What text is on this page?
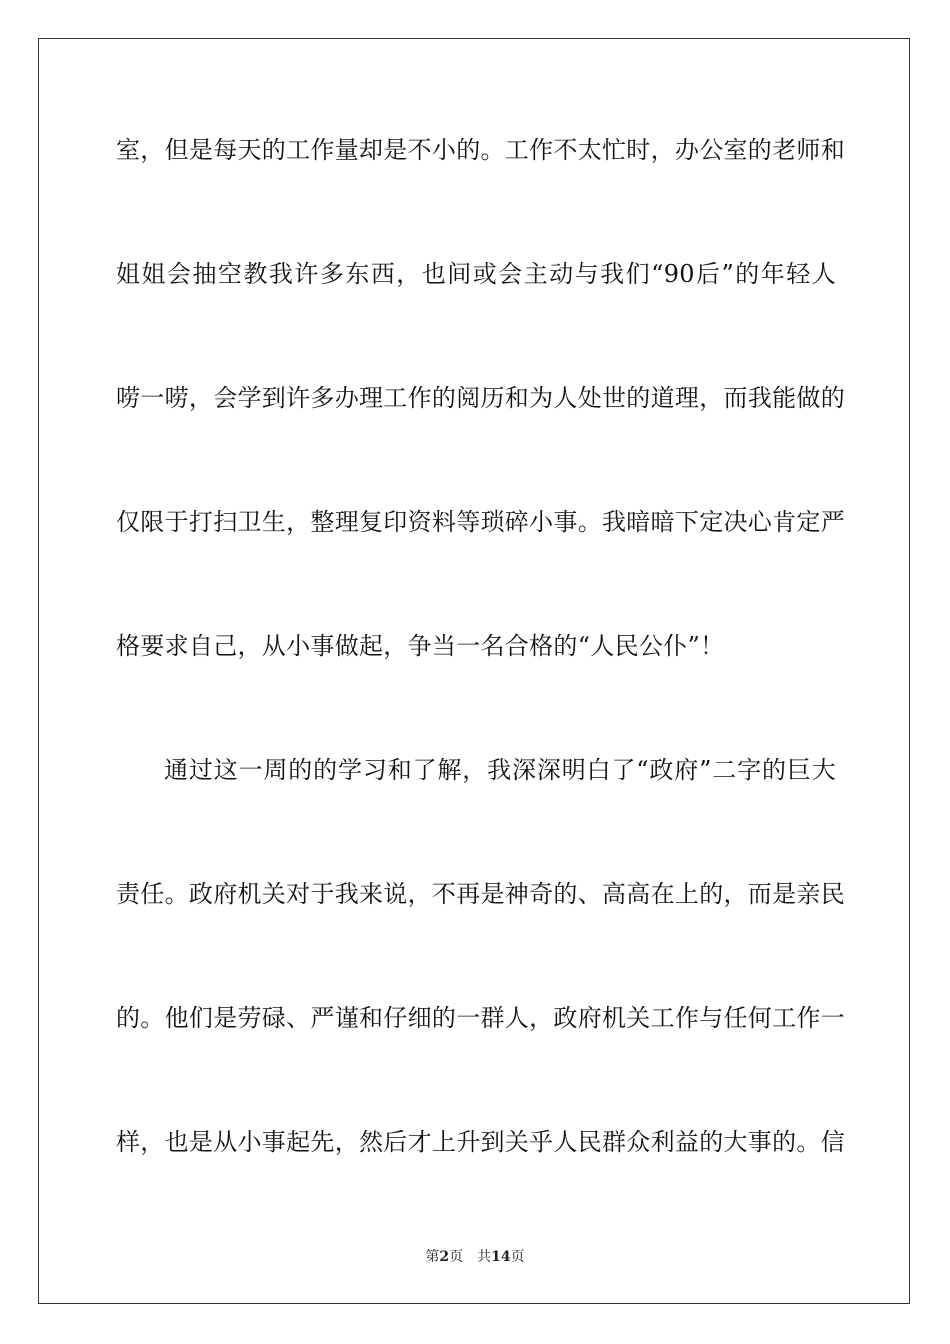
室，但是每天的工作量却是不小的。工作不太忙时，办公室的老师和
姐姐会抽空教我许多东西，也间或会主动与我们“90后”的年轻人
唠一唠，会学到许多办理工作的阅历和为人处世的道理，而我能做的
仅限于打扫卫生，整理复印资料等琐碎小事。我暗暗下定决心肯定严
格要求自己，从小事做起，争当一名合格的“人民公仆”！
通过这一周的的学习和了解，我深深明白了“政府”二字的巨大
责任。政府机关对于我来说，不再是神奇的、高高在上的，而是亲民
的。他们是劳碌、严谨和仔细的一群人，政府机关工作与任何工作一
样，也是从小事起先，然后才上升到关乎人民群众利益的大事的。信
第2页 共14页
